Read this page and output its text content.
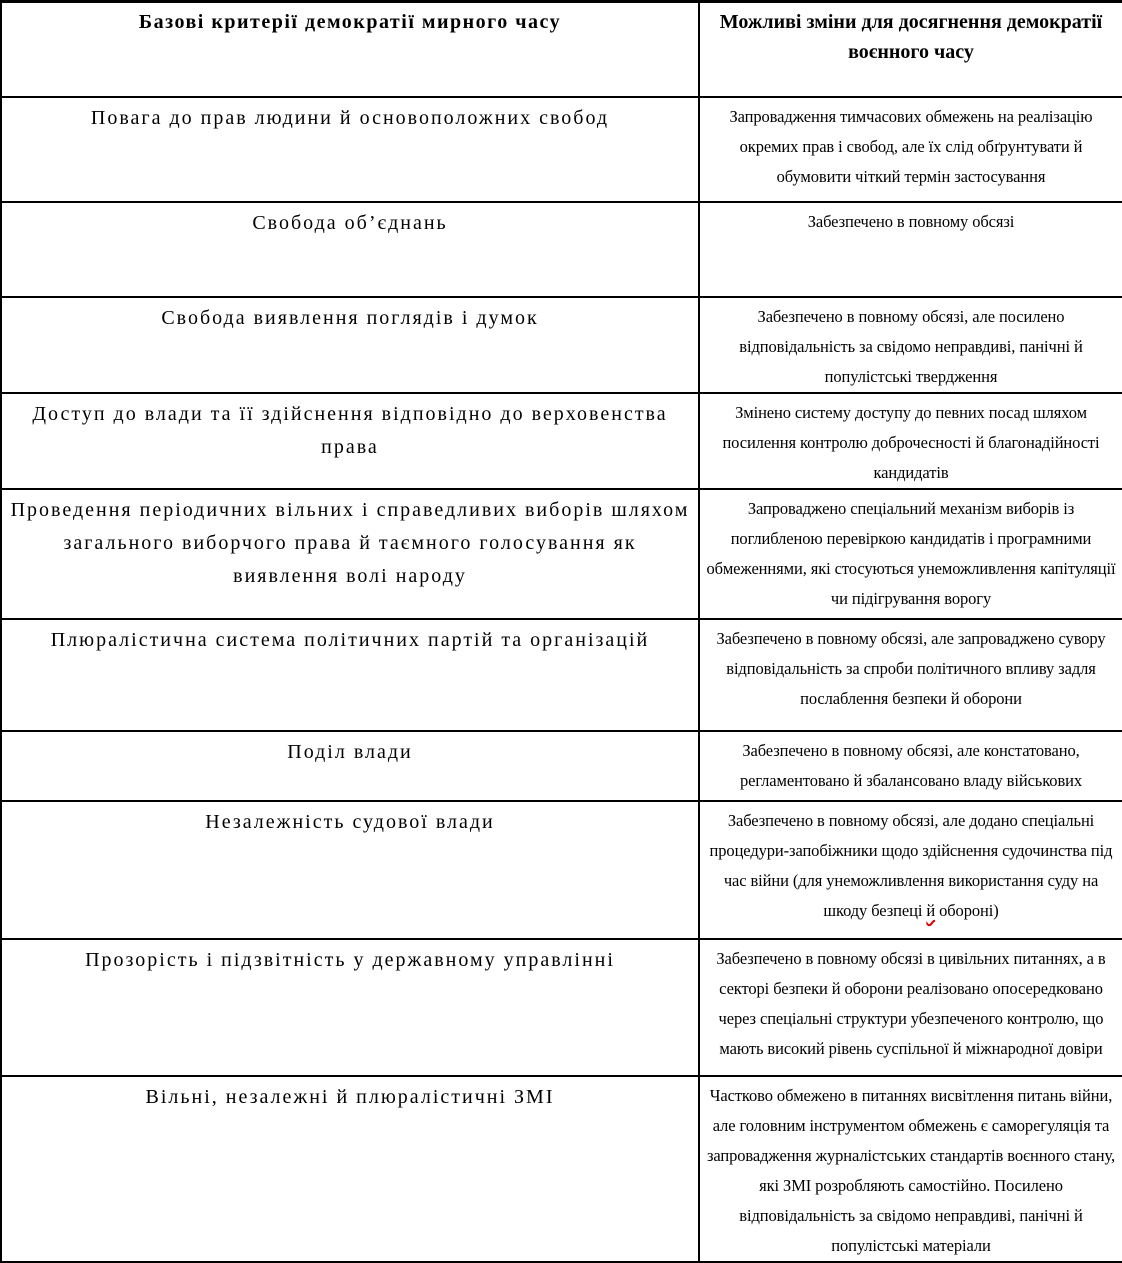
Базові критерії демократії мирного часу	Можливі зміни для досягнення демократії воєнного часу
Повага до прав людини й основоположних свобод	Запровадження тимчасових обмежень на реалізацію окремих прав і свобод, але їх слід обґрунтувати й обумовити чіткий термін застосування
Свобода об’єднань	Забезпечено в повному обсязі
Свобода виявлення поглядів і думок	Забезпечено в повному обсязі, але посилено відповідальність за свідомо неправдиві, панічні й популістські твердження
Доступ до влади та її здійснення відповідно до верховенства права	Змінено систему доступу до певних посад шляхом посилення контролю доброчесності й благонадійності кандидатів
Проведення періодичних вільних і справедливих виборів шляхом загального виборчого права й таємного голосування як виявлення волі народу	Запроваджено спеціальний механізм виборів із поглибленою перевіркою кандидатів і програмними обмеженнями, які стосуються унеможливлення капітуляції чи підігрування ворогу
Плюралістична система політичних партій та організацій	Забезпечено в повному обсязі, але запроваджено сувору відповідальність за спроби політичного впливу задля послаблення безпеки й оборони
Поділ влади	Забезпечено в повному обсязі, але констатовано, регламентовано й збалансовано владу військових
Незалежність судової влади	Забезпечено в повному обсязі, але додано спеціальні процедури-запобіжники щодо здійснення судочинства під час війни (для унеможливлення використання суду на шкоду безпеці й обороні)
Прозорість і підзвітність у державному управлінні	Забезпечено в повному обсязі в цивільних питаннях, а в секторі безпеки й оборони реалізовано опосередковано через спеціальні структури убезпеченого контролю, що мають високий рівень суспільної й міжнародної довіри
Вільні, незалежні й плюралістичні ЗМІ	Частково обмежено в питаннях висвітлення питань війни, але головним інструментом обмежень є саморегуляція та запровадження журналістських стандартів воєнного стану, які ЗМІ розробляють самостійно. Посилено відповідальність за свідомо неправдиві, панічні й популістські матеріали
